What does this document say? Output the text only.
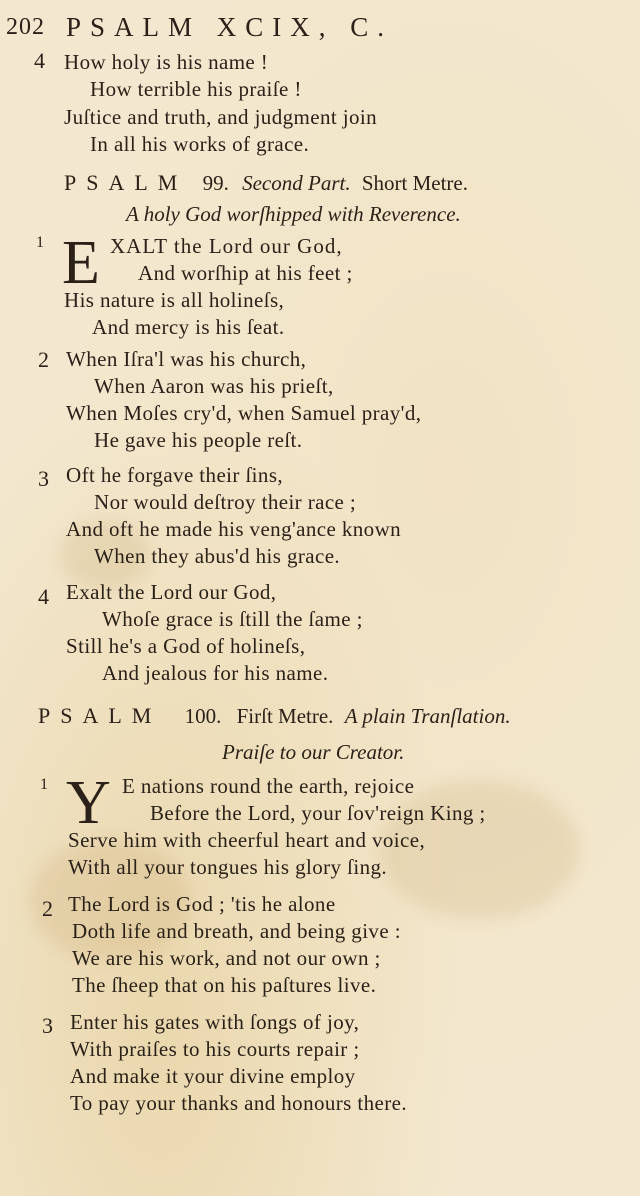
202 PSALM XCIX, C.
4 How holy is his name !
How terrible his praiſe !
Juſtice and truth, and judgment join
In all his works of grace.
PSALM 99. Second Part. Short Metre.
A holy God worſhipped with Reverence.
1 E XALT the Lord our God,
And worſhip at his feet ;
His nature is all holineſs,
And mercy is his ſeat.
2 When Iſra'l was his church,
When Aaron was his prieſt,
When Moſes cry'd, when Samuel pray'd,
He gave his people reſt.
3 Oft he forgave their ſins,
Nor would deſtroy their race ;
And oft he made his veng'ance known
When they abus'd his grace.
4 Exalt the Lord our God,
Whoſe grace is ſtill the ſame ;
Still he's a God of holineſs,
And jealous for his name.
PSALM 100. Firſt Metre. A plain Tranſlation.
Praiſe to our Creator.
1 Y E nations round the earth, rejoice
Before the Lord, your ſov'reign King ;
Serve him with cheerful heart and voice,
With all your tongues his glory ſing.
2 The Lord is God ; 'tis he alone
Doth life and breath, and being give :
We are his work, and not our own ;
The ſheep that on his paſtures live.
3 Enter his gates with ſongs of joy,
With praiſes to his courts repair ;
And make it your divine employ
To pay your thanks and honours there.
